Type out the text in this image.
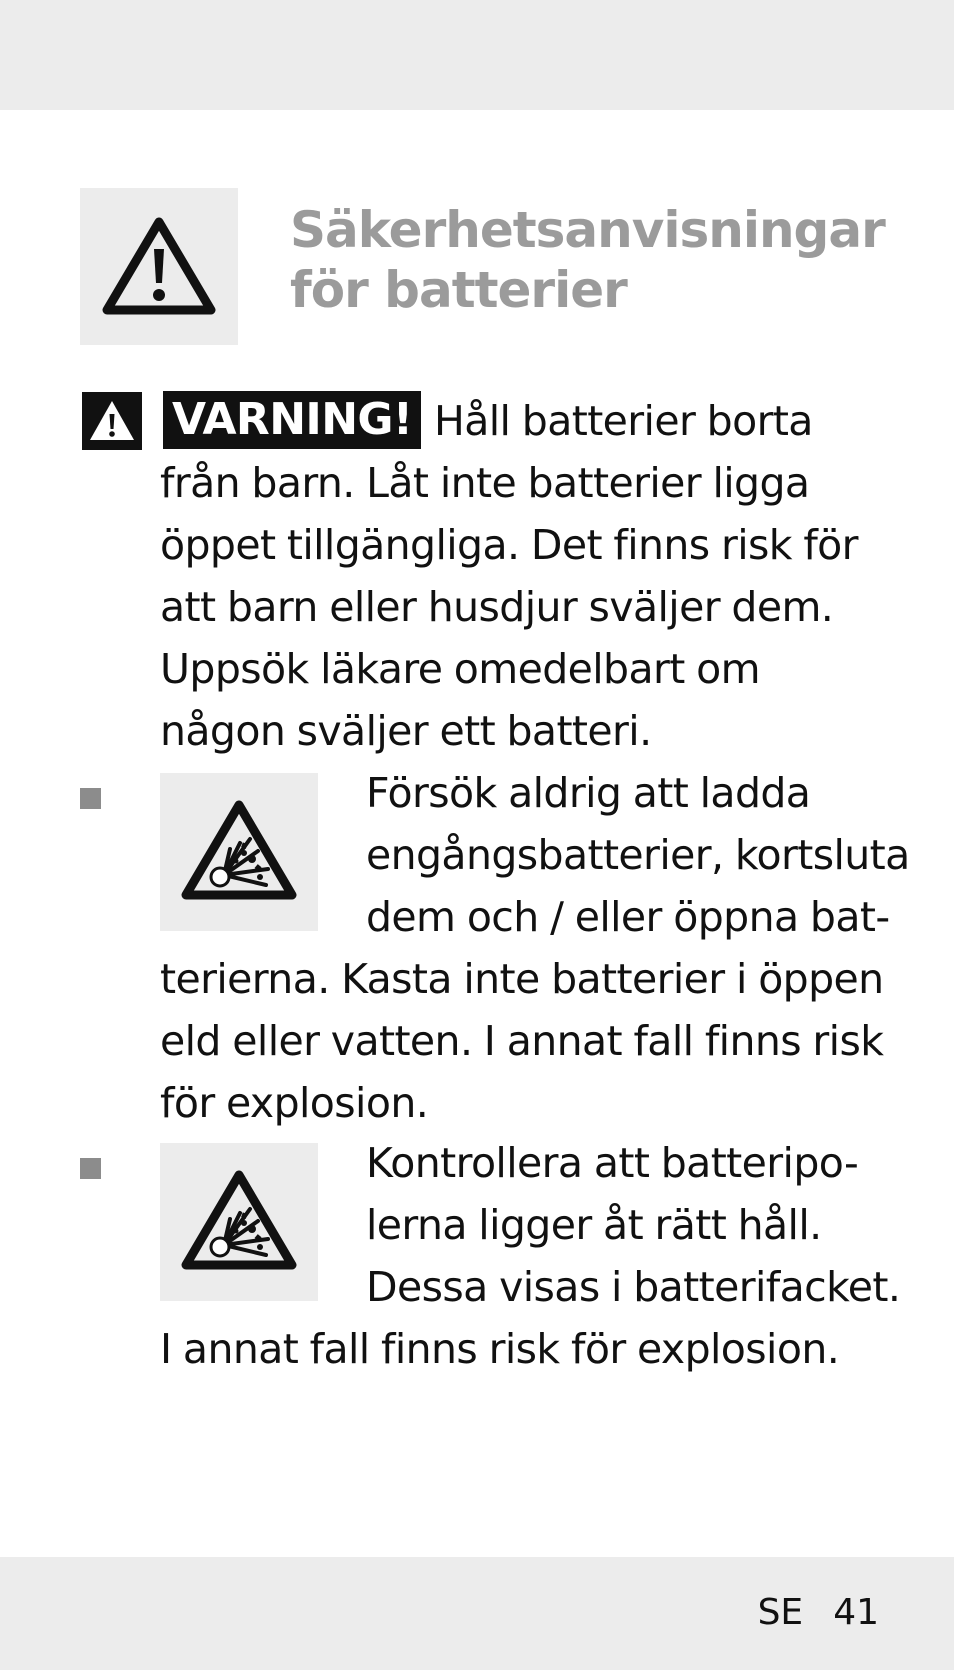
Säkerhetsanvisningar
för batterier
VARNING! Håll batterier borta
från barn. Låt inte batterier ligga
öppet tillgängliga. Det finns risk för
att barn eller husdjur sväljer dem.
Uppsök läkare omedelbart om
någon sväljer ett batteri.
Försök aldrig att ladda
engångsbatterier, kortsluta
dem och / eller öppna bat-
terierna. Kasta inte batterier i öppen
eld eller vatten. I annat fall finns risk
för explosion.
Kontrollera att batteripo-
lerna ligger åt rätt håll.
Dessa visas i batterifacket.
I annat fall finns risk för explosion.
SE 41
